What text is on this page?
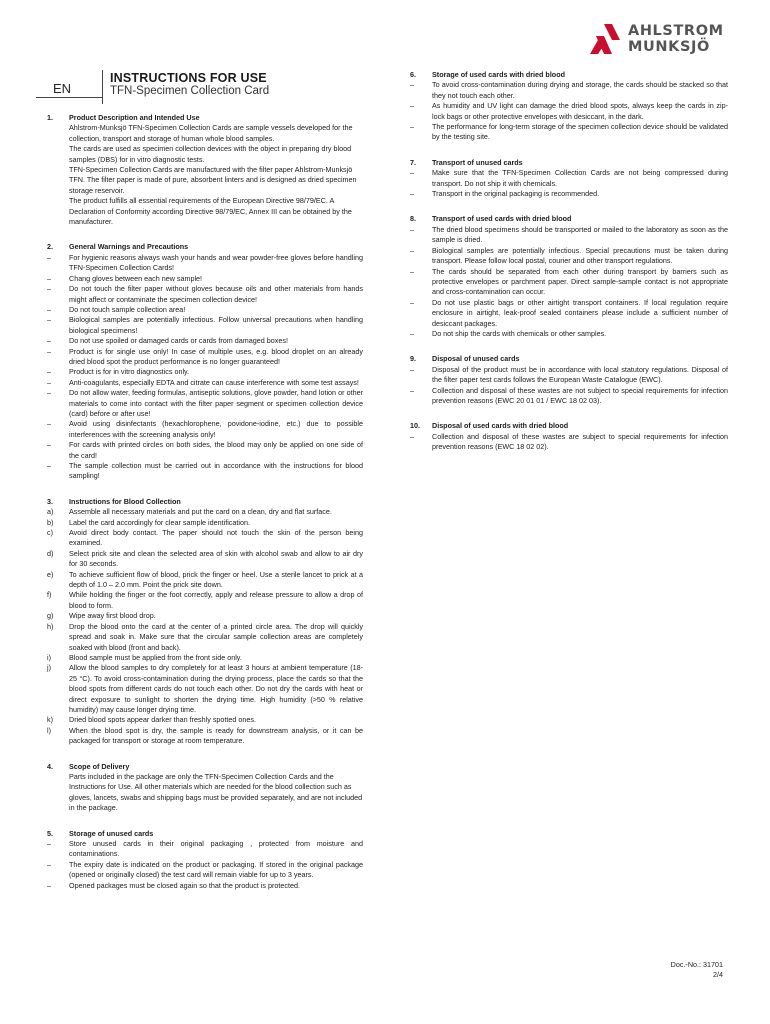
AHLSTROM
MUNKSJÖ
EN
INSTRUCTIONS FOR USE
TFN-Specimen Collection Card
1.	Product Description and Intended Use
Ahlstrom-Munksjö TFN-Specimen Collection Cards are sample vessels developed for the collection, transport and storage of human whole blood samples.
The cards are used as specimen collection devices with the object in preparing dry blood samples (DBS) for in vitro diagnostic tests.
TFN-Specimen Collection Cards are manufactured with the filter paper Ahlstrom-Munksjö TFN. The filter paper is made of pure, absorbent linters and is designed as dried specimen storage reservoir.
The product fulfills all essential requirements of the European Directive 98/79/EC. A Declaration of Conformity according Directive 98/79/EC, Annex III can be obtained by the manufacturer.
2.	General Warnings and Precautions
–	For hygienic reasons always wash your hands and wear powder-free gloves before handling TFN-Specimen Collection Cards!
–	Chang gloves between each new sample!
–	Do not touch the filter paper without gloves because oils and other materials from hands might affect or contaminate the specimen collection device!
–	Do not touch sample collection area!
–	Biological samples are potentially infectious. Follow universal precautions when handling biological specimens!
–	Do not use spoiled or damaged cards or cards from damaged boxes!
–	Product is for single use only! In case of multiple uses, e.g. blood droplet on an already dried blood spot the product performance is no longer guaranteed!
–	Product is for in vitro diagnostics only.
–	Anti-coagulants, especially EDTA and citrate can cause interference with some test assays!
–	Do not allow water, feeding formulas, antiseptic solutions, glove powder, hand lotion or other materials to come into contact with the filter paper segment or specimen collection device (card) before or after use!
–	Avoid using disinfectants (hexachlorophene, povidone-iodine, etc.) due to possible interferences with the screening analysis only!
–	For cards with printed circles on both sides, the blood may only be applied on one side of the card!
–	The sample collection must be carried out in accordance with the instructions for blood sampling!
3.	Instructions for Blood Collection
a)	Assemble all necessary materials and put the card on a clean, dry and flat surface.
b)	Label the card accordingly for clear sample identification.
c)	Avoid direct body contact. The paper should not touch the skin of the person being examined.
d)	Select prick site and clean the selected area of skin with alcohol swab and allow to air dry for 30 seconds.
e)	To achieve sufficient flow of blood, prick the finger or heel. Use a sterile lancet to prick at a depth of 1.0 – 2.0 mm. Point the prick site down.
f)	While holding the finger or the foot correctly, apply and release pressure to allow a drop of blood to form.
g)	Wipe away first blood drop.
h)	Drop the blood onto the card at the center of a printed circle area. The drop will quickly spread and soak in. Make sure that the circular sample collection areas are completely soaked with blood (front and back).
i)	Blood sample must be applied from the front side only.
j)	Allow the blood samples to dry completely for at least 3 hours at ambient temperature (18-25 °C). To avoid cross-contamination during the drying process, place the cards so that the blood spots from different cards do not touch each other. Do not dry the cards with heat or direct exposure to sunlight to shorten the drying time. High humidity (>50 % relative humidity) may cause longer drying time.
k)	Dried blood spots appear darker than freshly spotted ones.
l)	When the blood spot is dry, the sample is ready for downstream analysis, or it can be packaged for transport or storage at room temperature.
4.	Scope of Delivery
Parts included in the package are only the TFN-Specimen Collection Cards and the Instructions for Use. All other materials which are needed for the blood collection such as gloves, lancets, swabs and shipping bags must be provided separately, and are not included in the package.
5.	Storage of unused cards
–	Store unused cards in their original packaging , protected from moisture and contaminations.
–	The expiry date is indicated on the product or packaging. If stored in the original package (opened or originally closed) the test card will remain viable for up to 3 years.
–	Opened packages must be closed again so that the product is protected.
6.	Storage of used cards with dried blood
–	To avoid cross-contamination during drying and storage, the cards should be stacked so that they not touch each other.
–	As humidity and UV light can damage the dried blood spots, always keep the cards in zip-lock bags or other protective envelopes with desiccant, in the dark.
–	The performance for long-term storage of the specimen collection device should be validated by the testing site.
7.	Transport of unused cards
–	Make sure that the TFN-Specimen Collection Cards are not being compressed during transport. Do not ship it with chemicals.
–	Transport in the original packaging is recommended.
8.	Transport of used cards with dried blood
–	The dried blood specimens should be transported or mailed to the laboratory as soon as the sample is dried.
–	Biological samples are potentially infectious. Special precautions must be taken during transport. Please follow local postal, courier and other transport regulations.
–	The cards should be separated from each other during transport by barriers such as protective envelopes or parchment paper. Direct sample-sample contact is not appropriate and cross-contamination can occur.
–	Do not use plastic bags or other airtight transport containers. If local regulation require enclosure in airtight, leak-proof sealed containers please include a sufficient number of desiccant packages.
–	Do not ship the cards with chemicals or other samples.
9.	Disposal of unused cards
–	Disposal of the product must be in accordance with local statutory regulations. Disposal of the filter paper test cards follows the European Waste Catalogue (EWC).
–	Collection and disposal of these wastes are not subject to special requirements for infection prevention reasons (EWC 20 01 01 / EWC 18 02 03).
10.	Disposal of used cards with dried blood
–	Collection and disposal of these wastes are subject to special requirements for infection prevention reasons (EWC 18 02 02).
Doc.-No.: 31701
2/4
